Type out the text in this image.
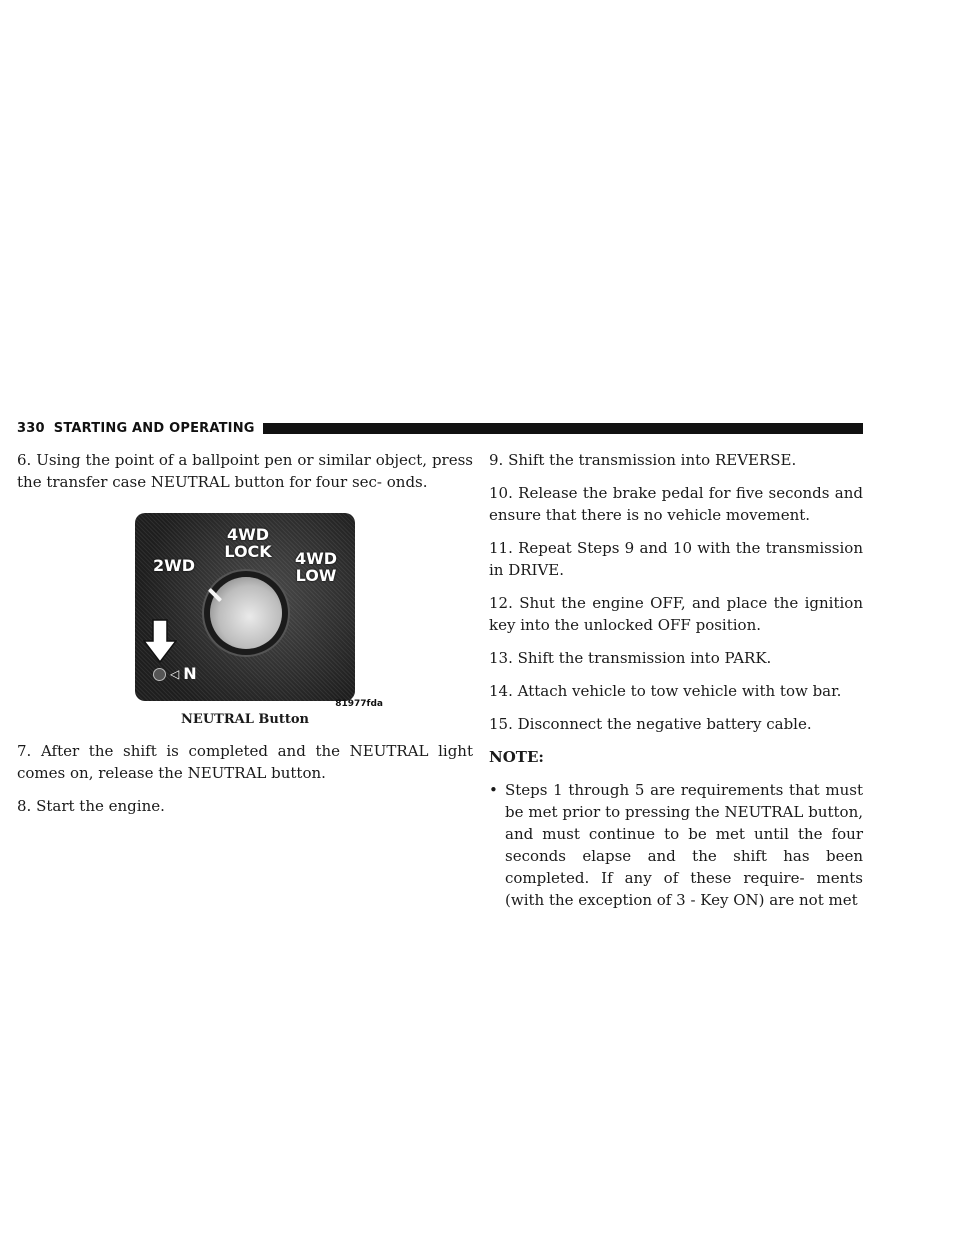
330 STARTING AND OPERATING

6. Using the point of a ballpoint pen or similar object, press the transfer case NEUTRAL button for four sec- onds.

2WD
4WD LOCK 4WD LOW
◁ N
81977fda
NEUTRAL Button

7. After the shift is completed and the NEUTRAL light comes on, release the NEUTRAL button.

8. Start the engine.

9. Shift the transmission into REVERSE.

10. Release the brake pedal for five seconds and ensure that there is no vehicle movement.

11. Repeat Steps 9 and 10 with the transmission in DRIVE.

12. Shut the engine OFF, and place the ignition key into the unlocked OFF position.

13. Shift the transmission into PARK.

14. Attach vehicle to tow vehicle with tow bar.

15. Disconnect the negative battery cable.

NOTE:

• Steps 1 through 5 are requirements that must be met prior to pressing the NEUTRAL button, and must continue to be met until the four seconds elapse and the shift has been completed. If any of these require- ments (with the exception of 3 - Key ON) are not met
